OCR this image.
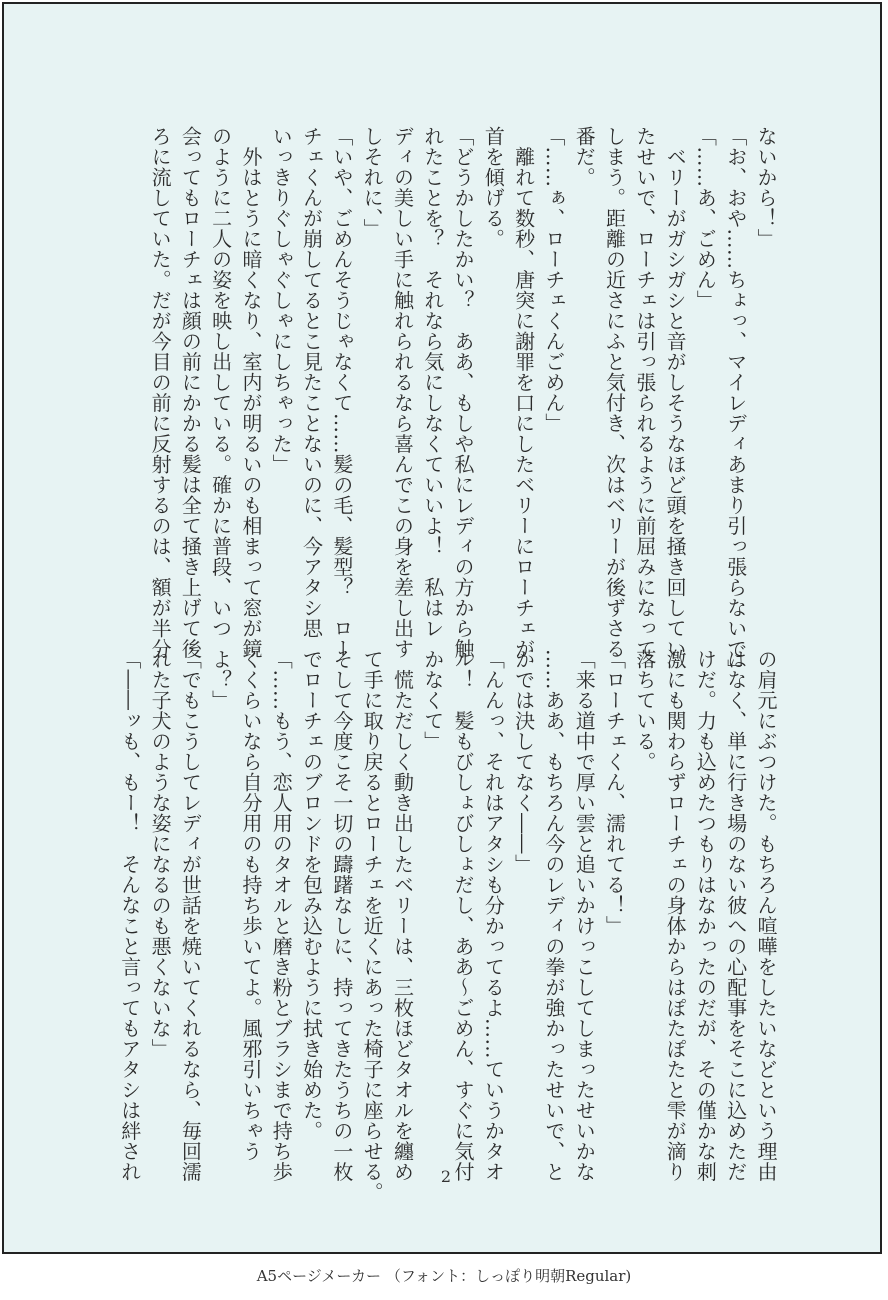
ないから！」
「お、おや……ちょっ、マイレディあまり引っ張らないで」
「……あ、ごめん」
　ベリーがガシガシと音がしそうなほど頭を掻き回してい
たせいで、ローチェは引っ張られるように前屈みになって
しまう。距離の近さにふと気付き、次はベリーが後ずさる
番だ。
「……ぁ、ローチェくんごめん」
　離れて数秒、唐突に謝罪を口にしたベリーにローチェが
首を傾げる。
「どうかしたかい？　ああ、もしや私にレディの方から触
れたことを？　それなら気にしなくていいよ！　私はレ
ディの美しい手に触れられるなら喜んでこの身を差し出す
しそれに、」
「いや、ごめんそうじゃなくて……髪の毛、髪型？　ロー
チェくんが崩してるとこ見たことないのに、今アタシ思
いっきりぐしゃぐしゃにしちゃった」
　外はとうに暗くなり、室内が明るいのも相まって窓が鏡
のように二人の姿を映し出している。確かに普段、いつ
会ってもローチェは顔の前にかかる髪は全て掻き上げて後
ろに流していた。だが今目の前に反射するのは、額が半分
の肩元にぶつけた。もちろん喧嘩をしたいなどという理由
はなく、単に行き場のない彼への心配事をそこに込めただ
けだ。力も込めたつもりはなかったのだが、その僅かな刺
激にも関わらずローチェの身体からはぽたぽたと雫が滴り
落ちている。
「ローチェくん、濡れてる！」
「来る道中で厚い雲と追いかけっこしてしまったせいかな
……ああ、もちろん今のレディの拳が強かったせいで、と
かでは決してなく――」
「んんっ、それはアタシも分かってるよ……ていうかタオ
ル！　髪もびしょびしょだし、ああ～ごめん、すぐに気付
かなくて」
　慌ただしく動き出したベリーは、三枚ほどタオルを纏め
て手に取り戻るとローチェを近くにあった椅子に座らせる。
そして今度こそ一切の躊躇なしに、持ってきたうちの一枚
でローチェのブロンドを包み込むように拭き始めた。
「……もう、恋人用のタオルと磨き粉とブラシまで持ち歩
くくらいなら自分用のも持ち歩いてよ。風邪引いちゃう
よ？」
「でもこうしてレディが世話を焼いてくれるなら、毎回濡
れた子犬のような姿になるのも悪くないな」
「――ッも、もー！　そんなこと言ってもアタシは絆され	2
A5ページメーカー （フォント：しっぽり明朝Regular)
